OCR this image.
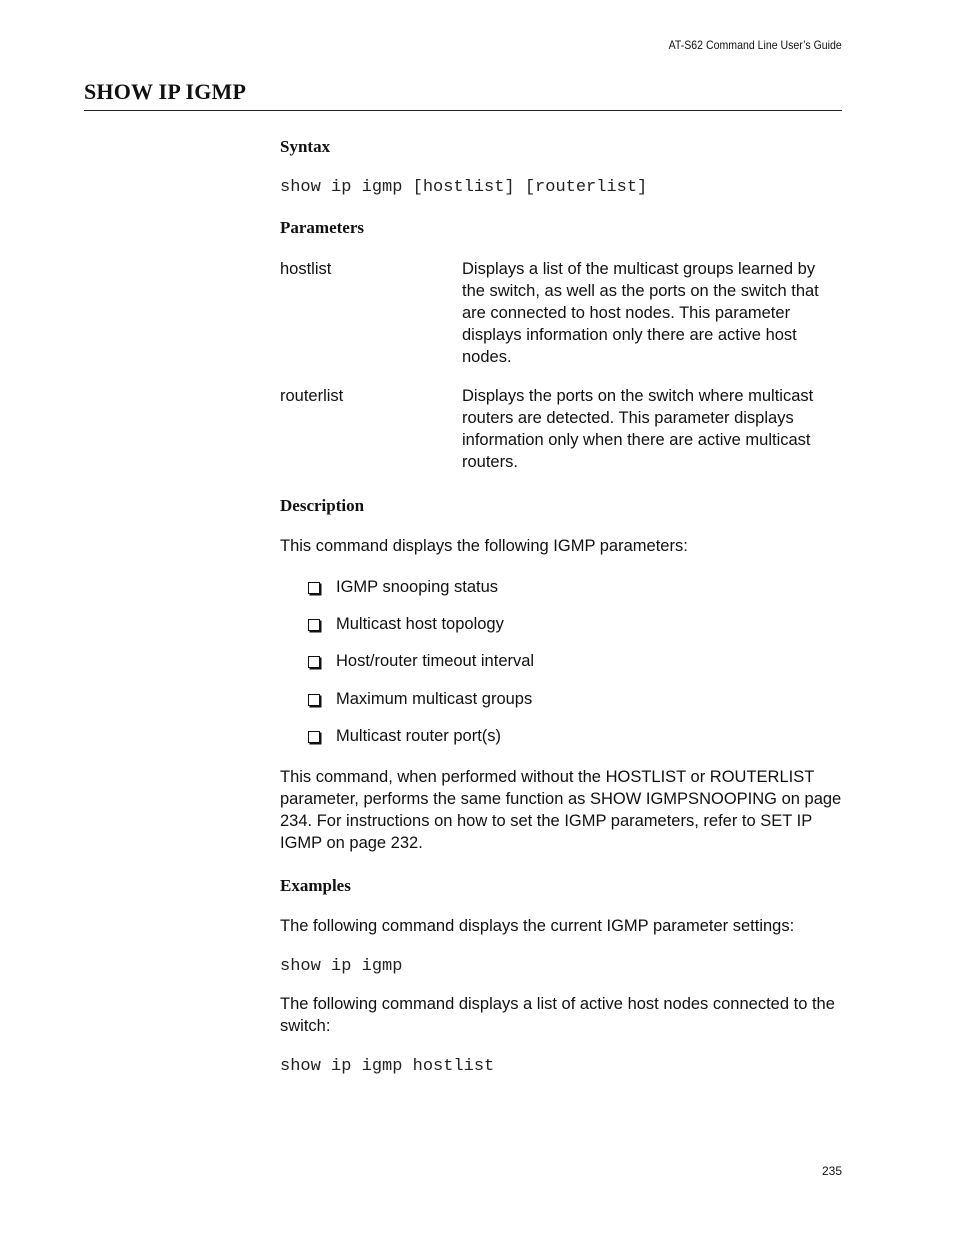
AT-S62 Command Line User’s Guide
SHOW IP IGMP
Syntax

show ip igmp [hostlist] [routerlist]

Parameters
hostlist	Displays a list of the multicast groups learned by the switch, as well as the ports on the switch that are connected to host nodes. This parameter displays information only there are active host nodes.
routerlist	Displays the ports on the switch where multicast routers are detected. This parameter displays information only when there are active multicast routers.
Description

This command displays the following IGMP parameters:

IGMP snooping status
Multicast host topology
Host/router timeout interval
Maximum multicast groups
Multicast router port(s)

This command, when performed without the HOSTLIST or ROUTERLIST parameter, performs the same function as SHOW IGMPSNOOPING on page 234. For instructions on how to set the IGMP parameters, refer to SET IP IGMP on page 232.

Examples

The following command displays the current IGMP parameter settings:

show ip igmp

The following command displays a list of active host nodes connected to the switch:

show ip igmp hostlist

235
